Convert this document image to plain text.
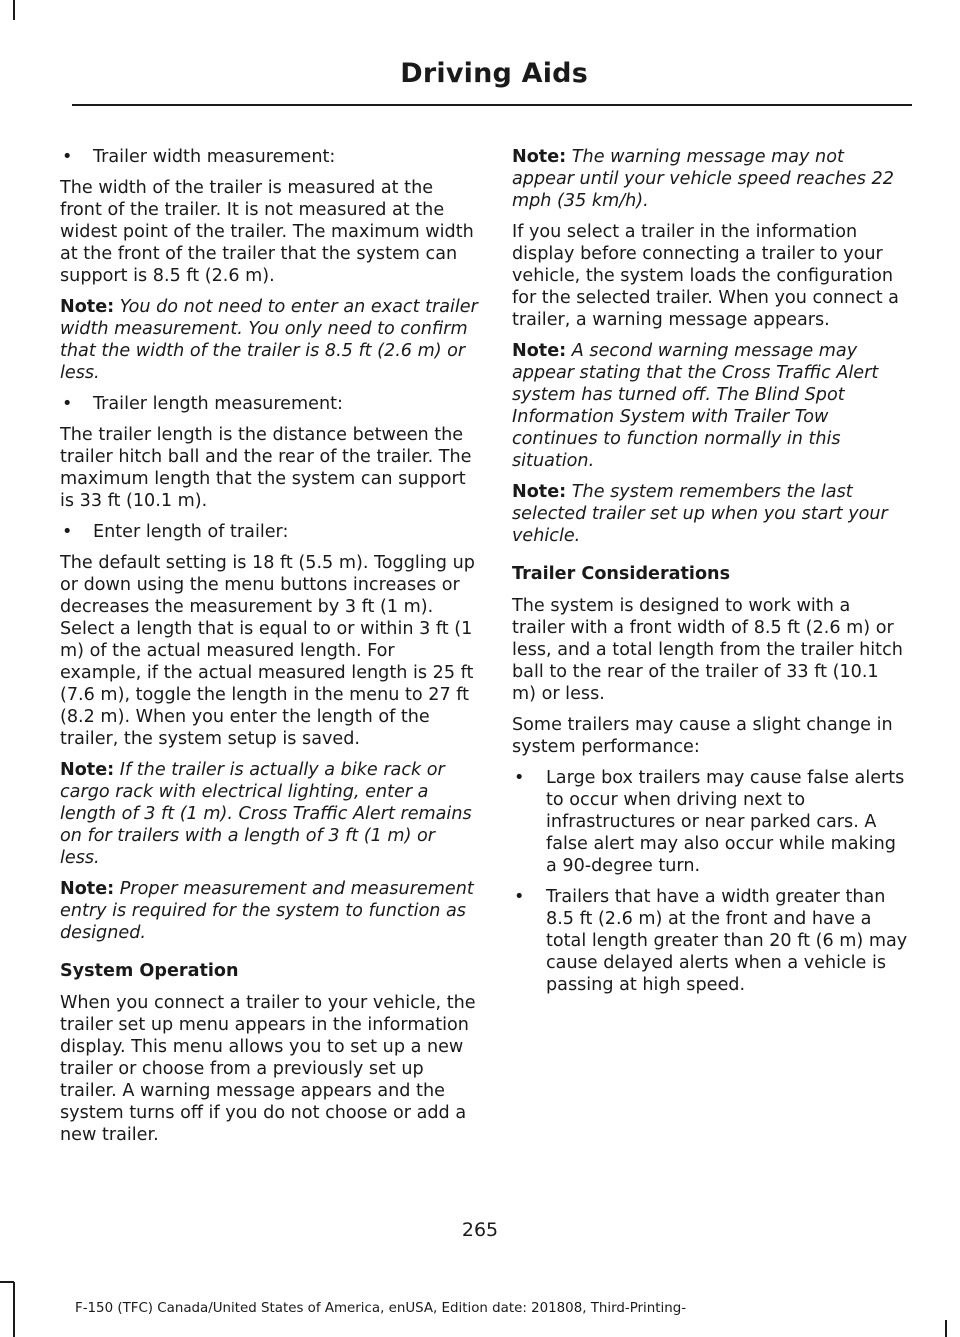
Driving Aids
• Trailer width measurement:
The width of the trailer is measured at the front of the trailer. It is not measured at the widest point of the trailer. The maximum width at the front of the trailer that the system can support is 8.5 ft (2.6 m).
Note: You do not need to enter an exact trailer width measurement. You only need to confirm that the width of the trailer is 8.5 ft (2.6 m) or less.
• Trailer length measurement:
The trailer length is the distance between the trailer hitch ball and the rear of the trailer. The maximum length that the system can support is 33 ft (10.1 m).
• Enter length of trailer:
The default setting is 18 ft (5.5 m). Toggling up or down using the menu buttons increases or decreases the measurement by 3 ft (1 m). Select a length that is equal to or within 3 ft (1 m) of the actual measured length. For example, if the actual measured length is 25 ft (7.6 m), toggle the length in the menu to 27 ft (8.2 m). When you enter the length of the trailer, the system setup is saved.
Note: If the trailer is actually a bike rack or cargo rack with electrical lighting, enter a length of 3 ft (1 m). Cross Traffic Alert remains on for trailers with a length of 3 ft (1 m) or less.
Note: Proper measurement and measurement entry is required for the system to function as designed.
System Operation
When you connect a trailer to your vehicle, the trailer set up menu appears in the information display. This menu allows you to set up a new trailer or choose from a previously set up trailer. A warning message appears and the system turns off if you do not choose or add a new trailer.
Note: The warning message may not appear until your vehicle speed reaches 22 mph (35 km/h).
If you select a trailer in the information display before connecting a trailer to your vehicle, the system loads the configuration for the selected trailer. When you connect a trailer, a warning message appears.
Note: A second warning message may appear stating that the Cross Traffic Alert system has turned off. The Blind Spot Information System with Trailer Tow continues to function normally in this situation.
Note: The system remembers the last selected trailer set up when you start your vehicle.
Trailer Considerations
The system is designed to work with a trailer with a front width of 8.5 ft (2.6 m) or less, and a total length from the trailer hitch ball to the rear of the trailer of 33 ft (10.1 m) or less.
Some trailers may cause a slight change in system performance:
• Large box trailers may cause false alerts to occur when driving next to infrastructures or near parked cars. A false alert may also occur while making a 90-degree turn.
• Trailers that have a width greater than 8.5 ft (2.6 m) at the front and have a total length greater than 20 ft (6 m) may cause delayed alerts when a vehicle is passing at high speed.
265
F-150 (TFC) Canada/United States of America, enUSA, Edition date: 201808, Third-Printing-
